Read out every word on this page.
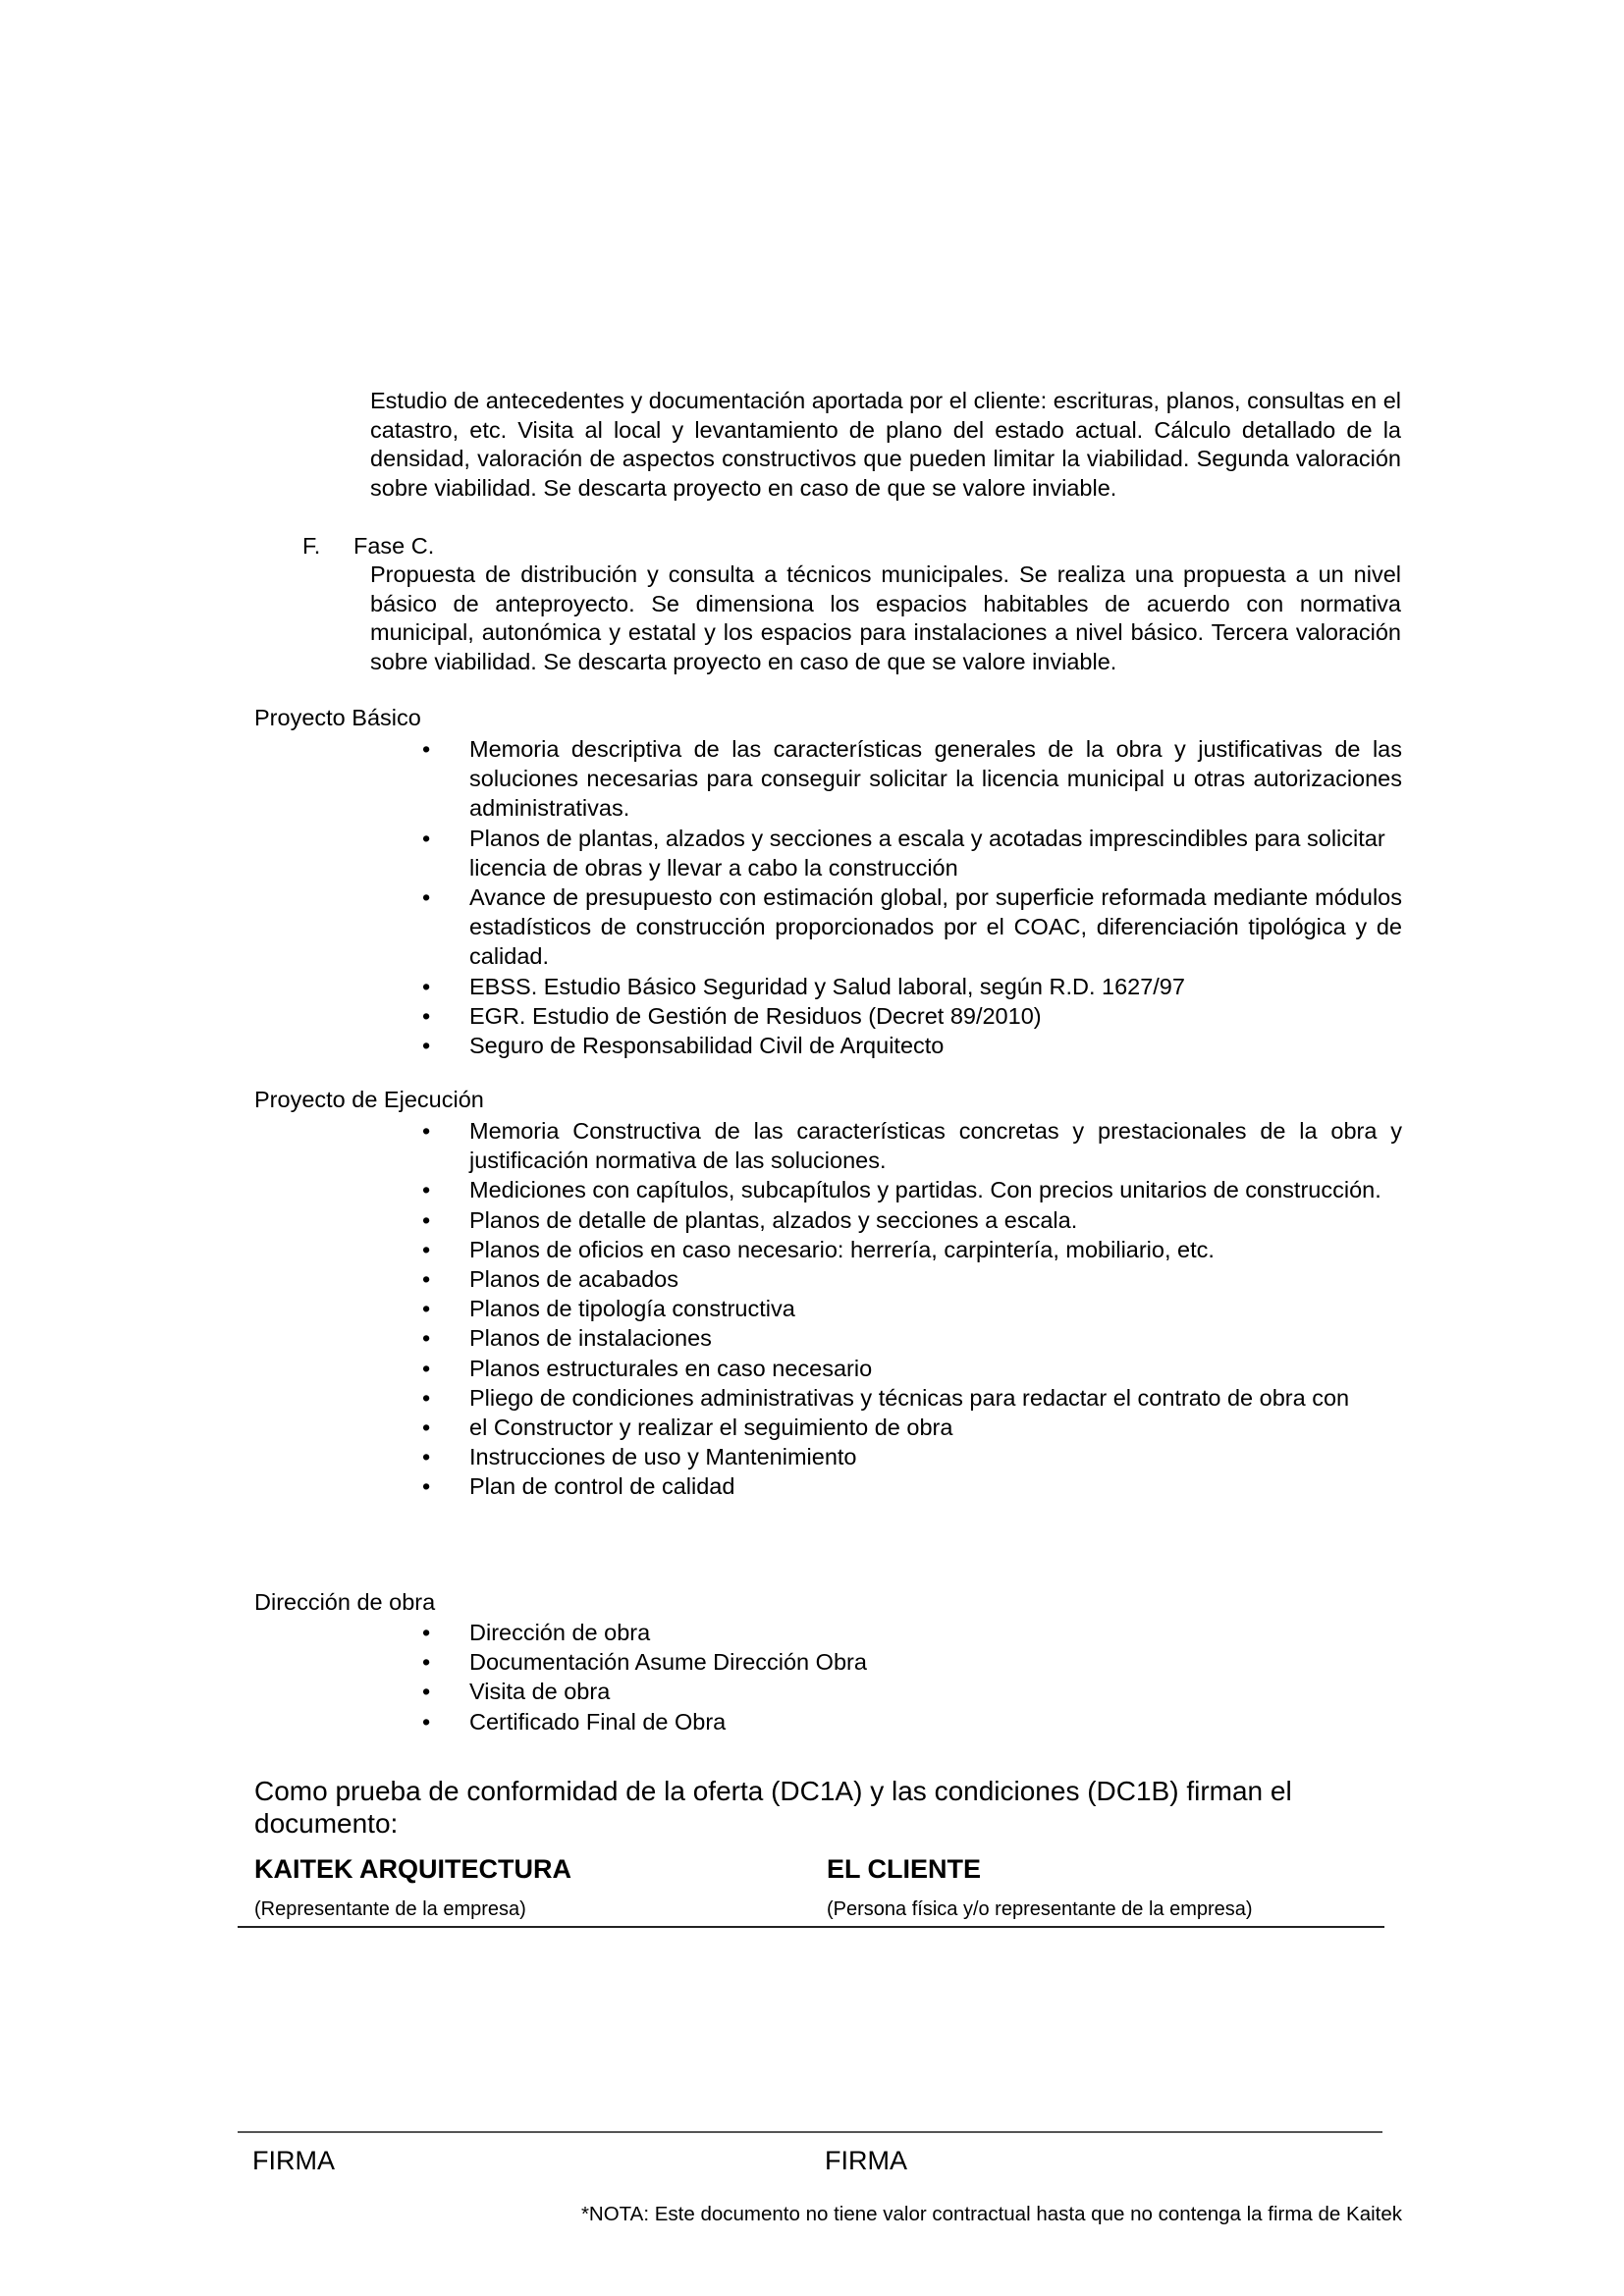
Estudio de antecedentes y documentación aportada por el cliente: escrituras, planos, consultas en el catastro, etc. Visita al local y levantamiento de plano del estado actual. Cálculo detallado de la densidad, valoración de aspectos constructivos que pueden limitar la viabilidad. Segunda valoración sobre viabilidad. Se descarta proyecto en caso de que se valore inviable.

F. Fase C.

Propuesta de distribución y consulta a técnicos municipales. Se realiza una propuesta a un nivel básico de anteproyecto. Se dimensiona los espacios habitables de acuerdo con normativa municipal, autonómica y estatal y los espacios para instalaciones a nivel básico. Tercera valoración sobre viabilidad. Se descarta proyecto en caso de que se valore inviable.

Proyecto Básico
• Memoria descriptiva de las características generales de la obra y justificativas de las soluciones necesarias para conseguir solicitar la licencia municipal u otras autorizaciones administrativas.
• Planos de plantas, alzados y secciones a escala y acotadas imprescindibles para solicitar licencia de obras y llevar a cabo la construcción
• Avance de presupuesto con estimación global, por superficie reformada mediante módulos estadísticos de construcción proporcionados por el COAC, diferenciación tipológica y de calidad.
• EBSS. Estudio Básico Seguridad y Salud laboral, según R.D. 1627/97
• EGR. Estudio de Gestión de Residuos (Decret 89/2010)
• Seguro de Responsabilidad Civil de Arquitecto
Proyecto de Ejecución
• Memoria Constructiva de las características concretas y prestacionales de la obra y justificación normativa de las soluciones.
• Mediciones con capítulos, subcapítulos y partidas. Con precios unitarios de construcción.
• Planos de detalle de plantas, alzados y secciones a escala.
• Planos de oficios en caso necesario: herrería, carpintería, mobiliario, etc.
• Planos de acabados
• Planos de tipología constructiva
• Planos de instalaciones
• Planos estructurales en caso necesario
• Pliego de condiciones administrativas y técnicas para redactar el contrato de obra con
• el Constructor y realizar el seguimiento de obra
• Instrucciones de uso y Mantenimiento
• Plan de control de calidad
Dirección de obra
• Dirección de obra
• Documentación Asume Dirección Obra
• Visita de obra
• Certificado Final de Obra
Como prueba de conformidad de la oferta (DC1A) y las condiciones (DC1B) firman el documento:
KAITEK ARQUITECTURA	EL CLIENTE
(Representante de la empresa)	(Persona física y/o representante de la empresa)
FIRMA	FIRMA
*NOTA: Este documento no tiene valor contractual hasta que no contenga la firma de Kaitek
